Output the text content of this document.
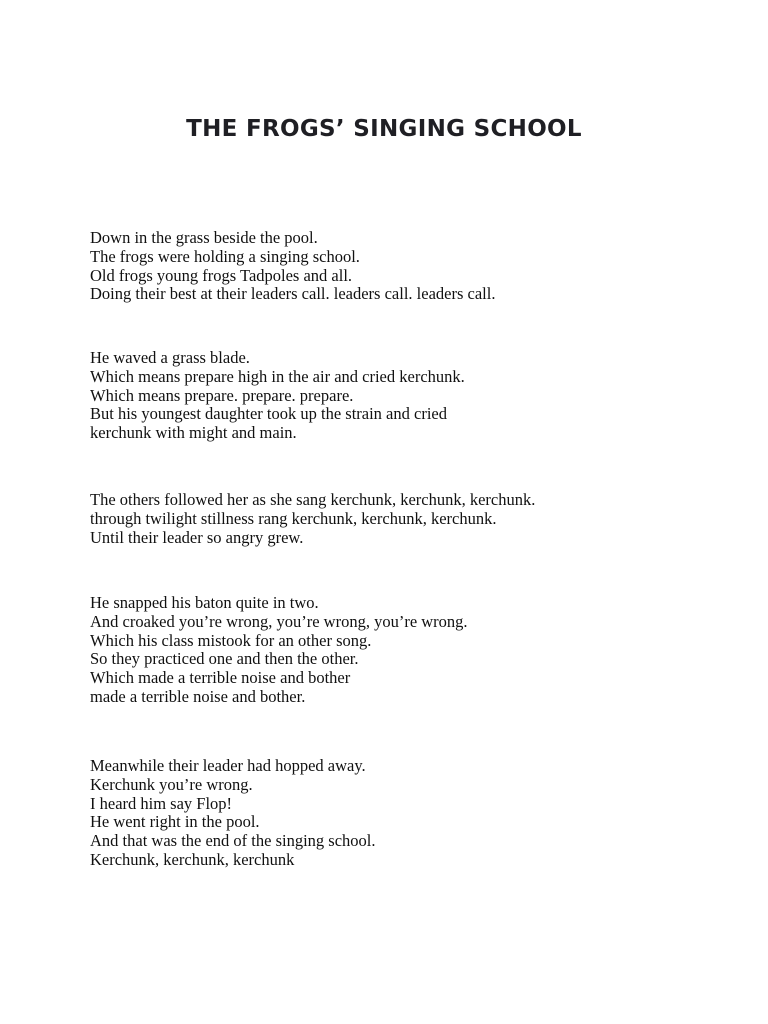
THE FROGS’ SINGING SCHOOL
Down in the grass beside the pool.
The frogs were holding a singing school.
Old frogs young frogs Tadpoles and all.
Doing their best at their leaders call. leaders call. leaders call.
He waved a grass blade.
Which means prepare high in the air and cried kerchunk.
Which means prepare. prepare. prepare.
But his youngest daughter took up the strain and cried
kerchunk with might and main.
The others followed her as she sang kerchunk, kerchunk, kerchunk.
through twilight stillness rang kerchunk, kerchunk, kerchunk.
Until their leader so angry grew.
He snapped his baton quite in two.
And croaked you’re wrong, you’re wrong, you’re wrong.
Which his class mistook for an other song.
So they practiced one and then the other.
Which made a terrible noise and bother
made a terrible noise and bother.
Meanwhile their leader had hopped away.
Kerchunk you’re wrong.
I heard him say Flop!
He went right in the pool.
And that was the end of the singing school.
Kerchunk, kerchunk, kerchunk
